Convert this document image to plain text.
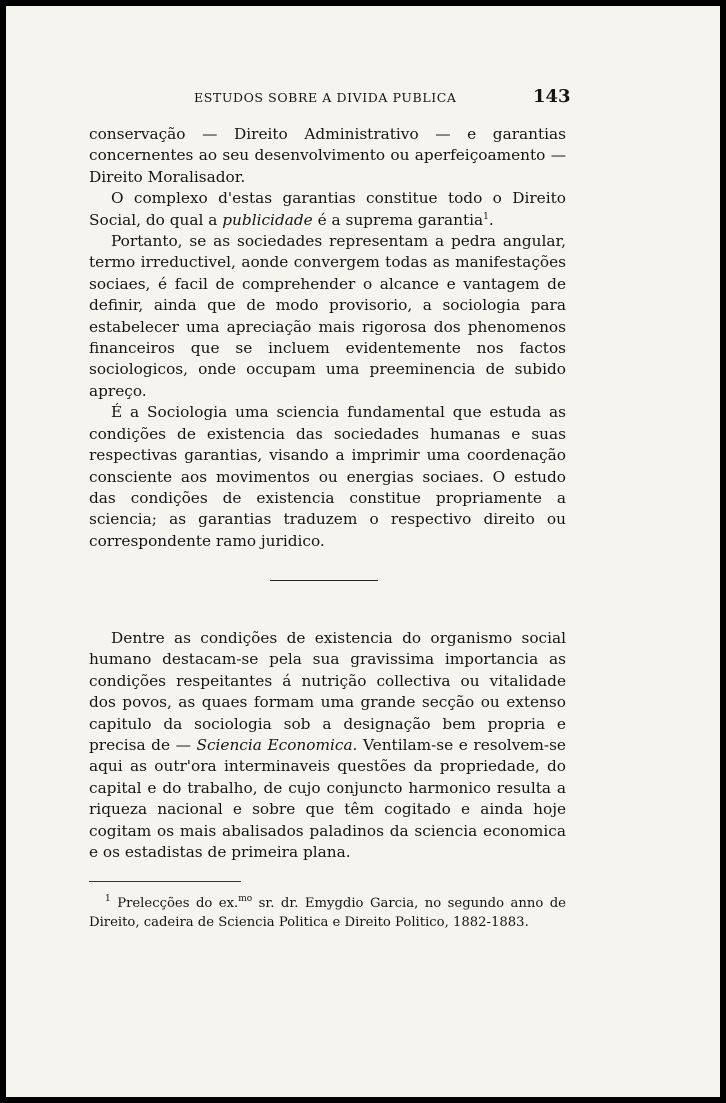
ESTUDOS SOBRE A DIVIDA PUBLICA	143

conservação — Direito Administrativo — e garantias concernentes ao seu desenvolvimento ou aperfeiçoamento — Direito Moralisador.

O complexo d'estas garantias constitue todo o Direito Social, do qual a publicidade é a suprema garantia$^1$.

Portanto, se as sociedades representam a pedra angular, termo irreductivel, aonde convergem todas as manifestações sociaes, é facil de comprehender o alcance e vantagem de definir, ainda que de modo provisorio, a sociologia para estabelecer uma apreciação mais rigorosa dos phenomenos financeiros que se incluem evidentemente nos factos sociologicos, onde occupam uma preeminencia de subido apreço.

É a Sociologia uma sciencia fundamental que estuda as condições de existencia das sociedades humanas e suas respectivas garantias, visando a imprimir uma coordenação consciente aos movimentos ou energias sociaes. O estudo das condições de existencia constitue propriamente a sciencia; as garantias traduzem o respectivo direito ou correspondente ramo juridico.

Dentre as condições de existencia do organismo social humano destacam-se pela sua gravissima importancia as condições respeitantes á nutrição collectiva ou vitalidade dos povos, as quaes formam uma grande secção ou extenso capitulo da sociologia sob a designação bem propria e precisa de — Sciencia Economica. Ventilam-se e resolvem-se aqui as outr'ora interminaveis questões da propriedade, do capital e do trabalho, de cujo conjuncto harmonico resulta a riqueza nacional e sobre que têm cogitado e ainda hoje cogitam os mais abalisados paladinos da sciencia economica e os estadistas de primeira plana.

$^1$ Prelecções do ex.$^{mo}$ sr. dr. Emygdio Garcia, no segundo anno de Direito, cadeira de Sciencia Politica e Direito Politico, 1882-1883.
